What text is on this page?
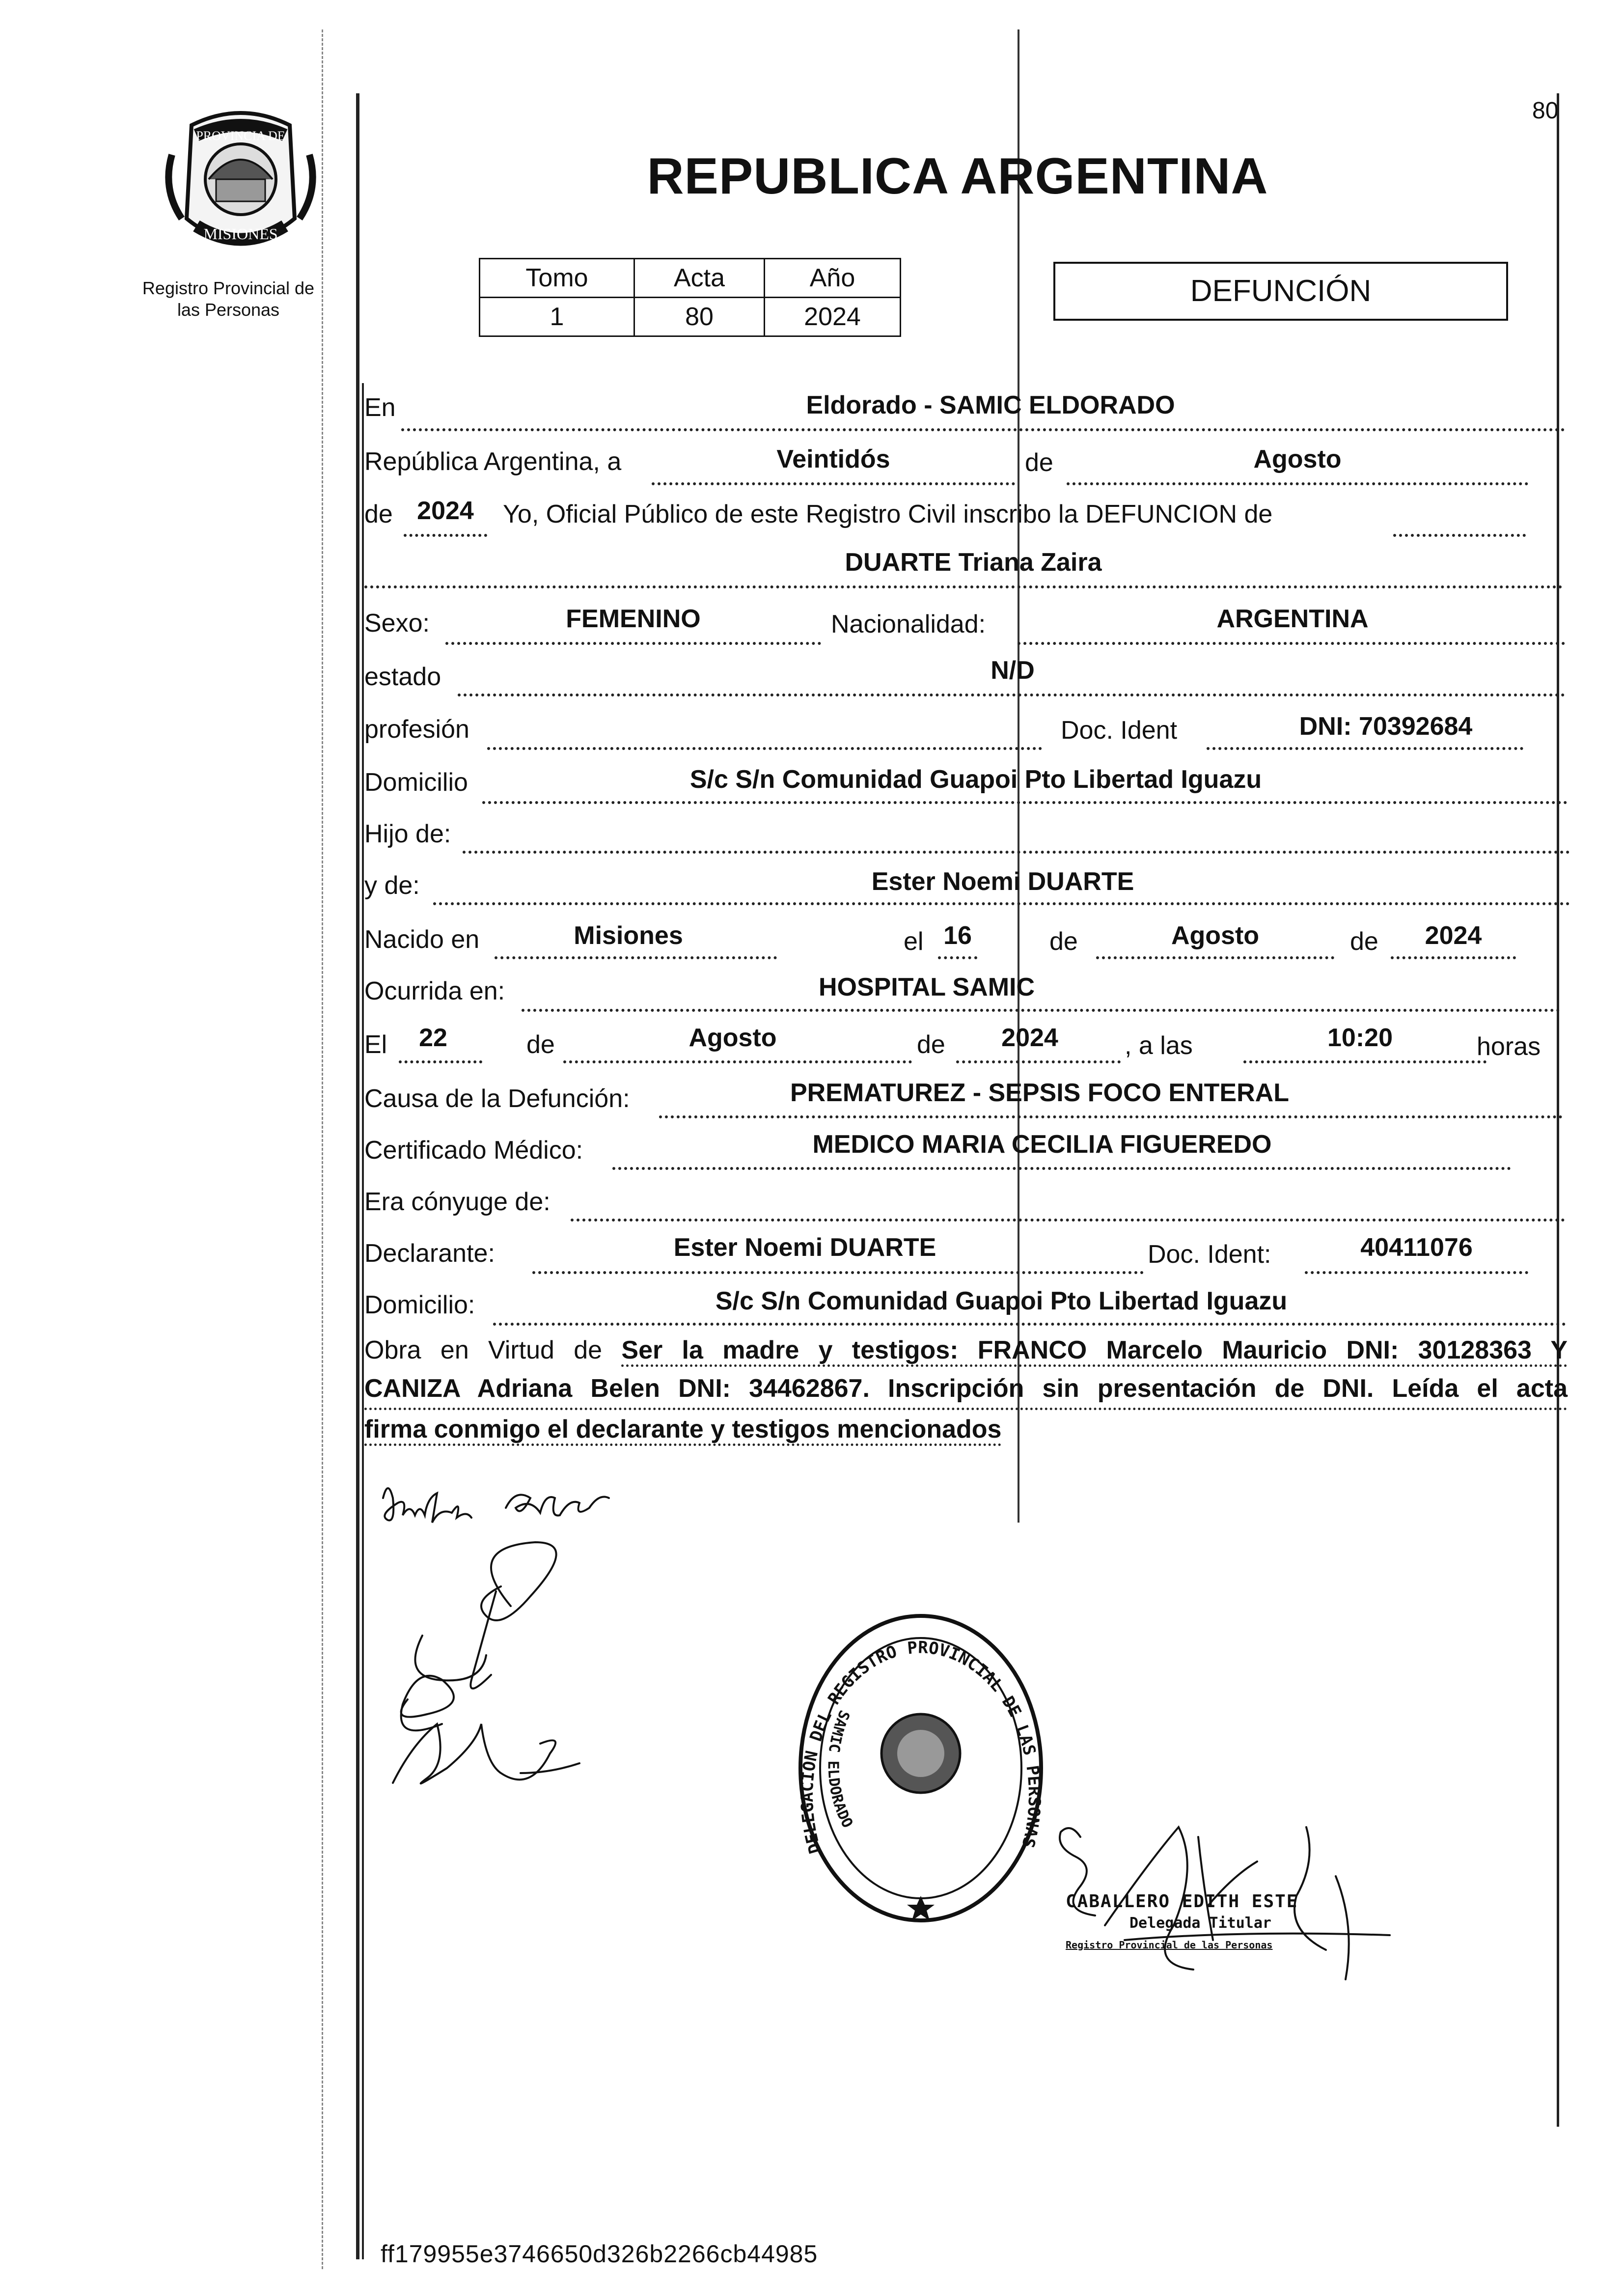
PROVINCIA DE
MISIONES
Registro Provincial de
las Personas
80
REPUBLICA ARGENTINA
Tomo	Acta	Año
1	80	2024
DEFUNCIÓN
En	Eldorado - SAMIC ELDORADO
República Argentina, a	Veintidós	de	Agosto
de 2024	Yo, Oficial Público de este Registro Civil inscribo la DEFUNCION de
DUARTE Triana Zaira
Sexo:	FEMENINO	Nacionalidad:	ARGENTINA
estado	N/D
profesión	Doc. Ident	DNI: 70392684
Domicilio	S/c S/n Comunidad Guapoi Pto Libertad Iguazu
Hijo de:
y de:	Ester Noemi DUARTE
Nacido en	Misiones	el 16	de	Agosto	de	2024
Ocurrida en:	HOSPITAL SAMIC
El	22	de	Agosto	de	2024	, a las	10:20	horas
Causa de la Defunción:	PREMATUREZ - SEPSIS FOCO ENTERAL
Certificado Médico:	MEDICO MARIA CECILIA FIGUEREDO
Era cónyuge de:
Declarante:	Ester Noemi DUARTE	Doc. Ident:	40411076
Domicilio:	S/c S/n Comunidad Guapoi Pto Libertad Iguazu
Obra en Virtud de Ser la madre y testigos: FRANCO Marcelo Mauricio DNI: 30128363 Y
CANIZA Adriana Belen DNI: 34462867. Inscripción sin presentación de DNI. Leída el acta
firma conmigo el declarante y testigos mencionados
DELEGACION DEL REGISTRO PROVINCIAL DE LAS PERSONAS
SAMIC ELDORADO
CABALLERO EDITH ESTE
Delegada Titular
Registro Provincial de las Personas
ff179955e3746650d326b2266cb44985
